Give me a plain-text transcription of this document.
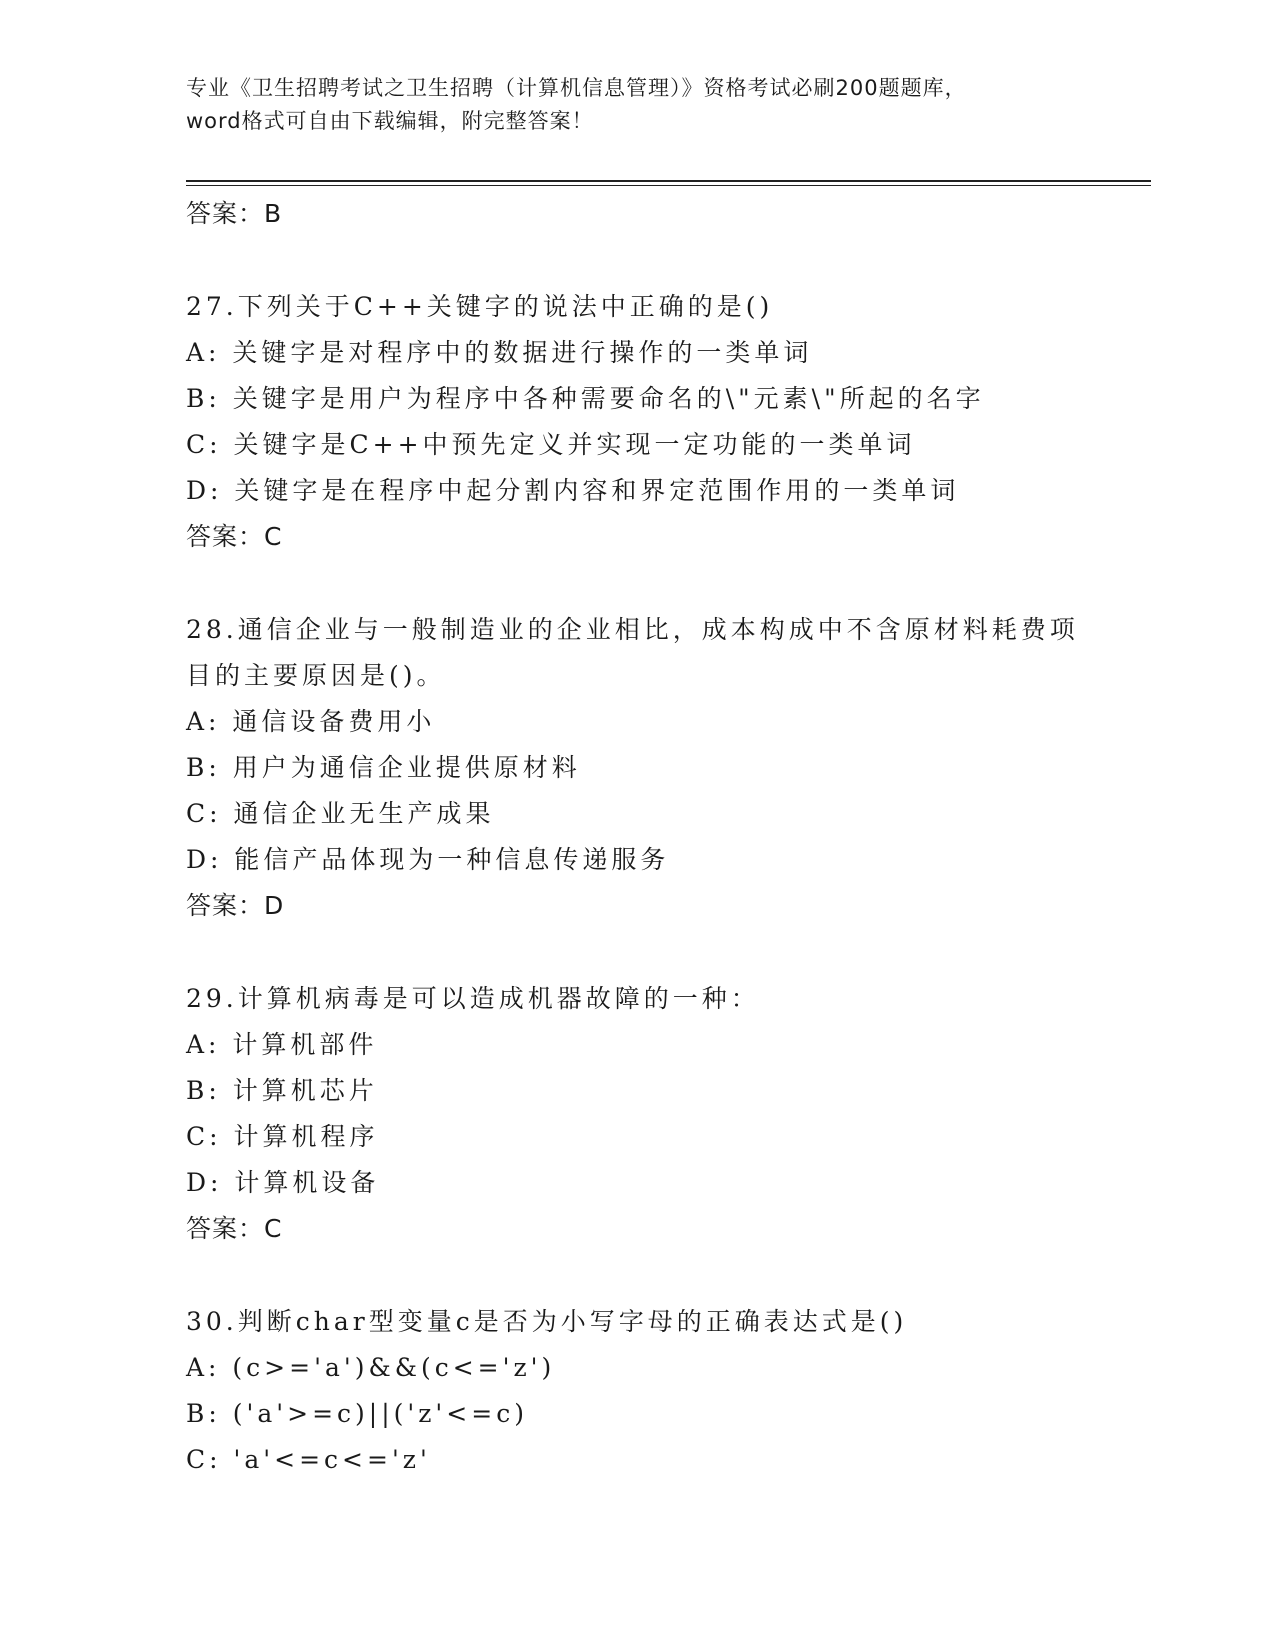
专业《卫生招聘考试之卫生招聘（计算机信息管理）》资格考试必刷200题题库，
word格式可自由下载编辑，附完整答案！
答案：B
27.下列关于C++关键字的说法中正确的是()
A: 关键字是对程序中的数据进行操作的一类单词
B: 关键字是用户为程序中各种需要命名的\"元素\"所起的名字
C: 关键字是C++中预先定义并实现一定功能的一类单词
D: 关键字是在程序中起分割内容和界定范围作用的一类单词
答案：C
28.通信企业与一般制造业的企业相比，成本构成中不含原材料耗费项目的主要原因是()。
A: 通信设备费用小
B: 用户为通信企业提供原材料
C: 通信企业无生产成果
D: 能信产品体现为一种信息传递服务
答案：D
29.计算机病毒是可以造成机器故障的一种：
A: 计算机部件
B: 计算机芯片
C: 计算机程序
D: 计算机设备
答案：C
30.判断char型变量c是否为小写字母的正确表达式是()
A: (c>='a')&&(c<='z')
B: ('a'>=c)||('z'<=c)
C: 'a'<=c<='z'
